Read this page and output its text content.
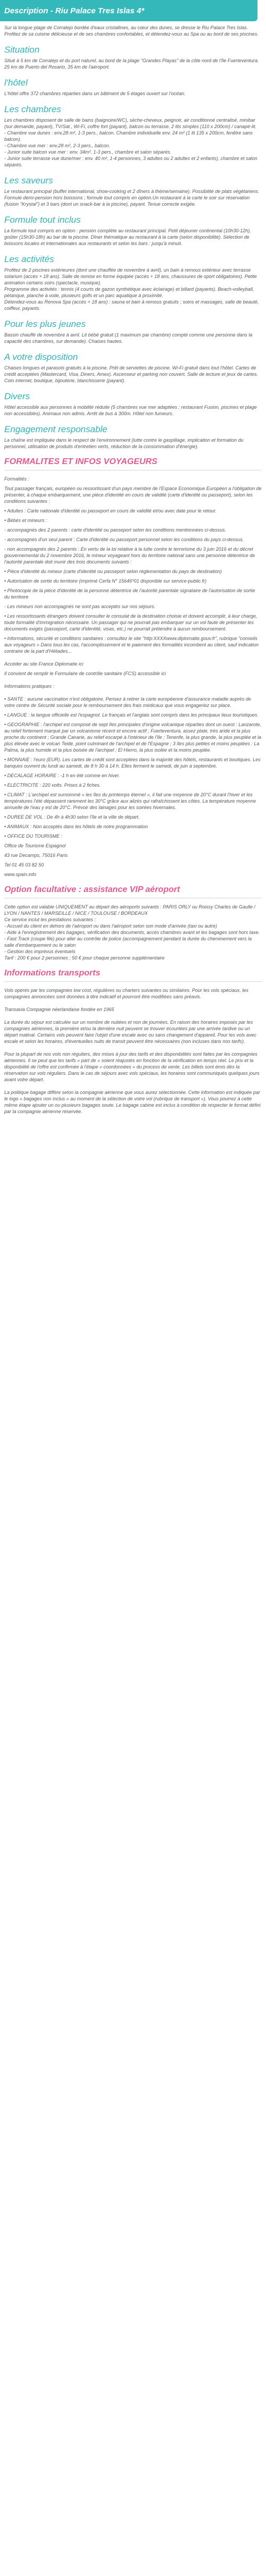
Description - Riu Palace Tres Islas 4*

Sur la longue plage de Corralejo bordée d'eaux cristallines, au cœur des dunes, se dresse le Riu Palace Tres Islas. Profitez de sa cuisine délicieuse et de ses chambres confortables, et détendez-vous au Spa ou au bord de ses piscines.

Situation

Situé à 5 km de Corralejo et du port naturel, au bord de la plage "Grandes Playas" de la côte nord de l'île Fuerteventura. 25 km de Puerto del Rosario, 35 km de l'aéroport.

l'hôtel

L'hôtel offre 372 chambres réparties dans un bâtiment de 5 étages ouvert sur l'océan.

Les chambres

Les chambres disposent de salle de bains (baignoire/WC), sèche-cheveux, peignoir, air conditionné centralisé, minibar (sur demande, payant), TV/Sat., Wi-Fi, coffre fort (payant), balcon ou terrasse. 2 lits simples (110 x 200cm) / canapé-lit.
- Chambre vue dunes : env.28 m², 1-3 pers., balcon. Chambre individuelle env. 24 m² (1 lit 135 x 200cm, fenêtre sans balcon).
- Chambre vue mer : env.28 m², 2-3 pers., balcon.
- Junior suite balcon vue mer : env. 34m², 1-3 pers., chambre et salon séparés.
- Junior suite terrasse vue dune/mer : env. 40 m², 1-4 personnes, 3 adultes ou 2 adultes et 2 enfants), chambre et salon séparés.

Les saveurs

Le restaurant principal (buffet international, show-cooking et 2 dîners à thème/semaine). Possibilité de plats végétariens. Formule demi-pension hors boissons ; formule tout compris en option.Un restaurant à la carte le soir sur réservation (fusion "Krystal") et 3 bars (dont un snack-bar à la piscine), payant. Tenue correcte exigée.

Formule tout inclus

La formule tout compris en option : pension complète au restaurant principal. Petit déjeuner continental (10h30-12h), goûter (15h30-18h) au bar de la piscine. Dîner thématique au restaurant à la carte (selon disponibilité). Sélection de boissons locales et internationales aux restaurants et selon les bars : jusqu'à minuit.

Les activités

Profitez de 2 piscines extérieures (dont une chauffée de novembre à avril), un bain à remous extérieur avec terrasse solarium (accès + 18 ans). Salle de remise en forme équipée (accès + 18 ans, chaussures de sport obligatoires). Petite animation certains soirs (spectacle, musique).
Programme des activités : tennis (4 courts de gazon synthétique avec éclairage) et billard (payants). Beach-volleyball, pétanque, planche à voile, plusieurs golfs et un parc aquatique à proximité.
Détendez-vous au Renova Spa (accès + 18 ans) : sauna et bain à remous gratuits ; soins et massages, salle de beauté, coiffeur, payants.

Pour les plus jeunes

Bassin chauffé de novembre à avril. Lit bébé gratuit (1 maximum par chambre) compté comme une personne dans la capacité des chambres, sur demande). Chaises hautes.

A votre disposition

Chaises longues et parasols gratuits à la piscine. Prêt de serviettes de piscine. Wi-Fi gratuit dans tout l'hôtel. Cartes de crédit acceptées (Mastercard, Visa, Diners, Amex). Ascenseur et parking non couvert. Salle de lecture et jeux de cartes. Coin internet, boutique, bijouterie, blanchisserie (payant).

Divers

Hôtel accessible aux personnes à mobilité réduite (5 chambres vue mer adaptées ; restaurant Fusion, piscines et plage non accessibles). Animaux non admis. Arrêt de bus à 300m. Hôtel non fumeurs.

Engagement responsable

La chaîne est impliquée dans le respect de l'environnement (lutte contre le gaspillage, implication et formation du personnel, utilisation de produits d'entretien verts, réduction de la consommation d'énergie).

FORMALITES ET INFOS VOYAGEURS

Formalités :

Tout passager français, européen ou ressortissant d'un pays membre de l'Espace Economique Européen a l'obligation de présenter, à chaque embarquement, une pièce d'identité en cours de validité (carte d'identité ou passeport), selon les conditions suivantes :

• Adultes : Carte nationale d'identité ou passeport en cours de validité et/ou avec date pour le retour.

• Bébés et mineurs :

- accompagnés des 2 parents : carte d'identité ou passeport selon les conditions mentionnées ci-dessus.

- accompagnés d'un seul parent : Carte d'identité ou passeport personnel selon les conditions du pays ci-dessus.

- non accompagnés des 2 parents : En vertu de la loi relative à la lutte contre le terrorisme du 3 juin 2016 et du décret gouvernemental du 2 novembre 2016, le mineur voyageant hors du territoire national sans une personne détentrice de l'autorité parentale doit munir des trois documents suivants :

• Pièce d'identité du mineur (carte d'identité ou passeport selon réglementation du pays de destination)

• Autorisation de sortie du territoire (imprimé Cerfa N° 15646*01 disponible sur service-public.fr)

• Photocopie de la pièce d'identité de la personne détentrice de l'autorité parentale signataire de l'autorisation de sortie du territoire

- Les mineurs non accompagnés ne sont pas acceptés sur nos séjours.

• Les ressortissants étrangers doivent consulter le consulat de la destination choisie et doivent accomplir, à leur charge, toute formalité d'immigration nécessaire. Un passager qui ne pourrait pas embarquer sur un vol faute de présenter les documents exigés (passeport, carte d'identité, visas, etc.) ne pourrait prétendre à aucun remboursement.

• Informations, sécurité et conditions sanitaires : consultez le site "http:XXXXwww.diplomatie.gouv.fr", rubrique "conseils aux voyageurs » Dans tous les cas, l'accomplissement et le paiement des formalités incombent au client, sauf indication contraire de la part d'Héliades...

Accéder au site France Diplomatie ici

Il convient de remplir le Formulaire de contrôle sanitaire (FCS) accessible ici

Informations pratiques :

• SANTE : aucune vaccination n'est obligatoire. Pensez à retirer la carte européenne d'assurance maladie auprès de votre centre de Sécurité sociale pour le remboursement des frais médicaux que vous engageriez sur place.

• LANGUE : la langue officielle est l'espagnol. Le français et l'anglais sont compris dans les principaux lieux touristiques.

• GEOGRAPHIE : l'archipel est composé de sept îles principales d'origine volcanique réparties dont un ouest : Lanzarote, au relief fortement marqué par un volcanisme récent et encore actif ; Fuerteventura, assez plate, très aride et la plus proche du continent ; Grande Canarie, au relief escarpé à l'intérieur de l'île ; Tenerife, la plus grande, la plus peuplée et la plus élevée avec le volcan Teide, point culminant de l'archipel et de l'Espagne ; 3 îles plus petites et moins peuplées : La Palma, la plus humide et la plus boisée de l'archipel ; El Hierro, la plus isolée et la moins peuplée.

• MONNAIE : l'euro (EUR). Les cartes de crédit sont acceptées dans la majorité des hôtels, restaurants et boutiques. Les banques ouvrent du lundi au samedi, de 8 h 30 à 14 h. Elles ferment le samedi, de juin à septembre.

• DECALAGE HORAIRE : -1 h en été comme en hiver.

• ELECTRICITE : 220 volts. Prises à 2 fiches.

• CLIMAT : L'archipel est surnommé « les îles du printemps éternel », il fait une moyenne de 20°C durant l'hiver et les températures l'été dépassent rarement les 30°C grâce aux alizés qui rafraîchissent les côtes. La température moyenne annuelle de l'eau y est de 20°C. Prévoir des lainages pour les soirées hivernales.

• DUREE DE VOL : De 4h à 4h30 selon l'île et la ville de départ.

• ANIMAUX : Non acceptés dans les hôtels de notre programmation

• OFFICE DU TOURISME :

Office de Tourisme Espagnol

43 rue Decamps, 75016 Paris

Tel 01 45 03 82 50

www.spain.info

Option facultative : assistance VIP aéroport

Cette option est valable UNIQUEMENT au départ des aéroports suivants : PARIS ORLY ou Roissy Charles de Gaulle / LYON / NANTES / MARSEILLE / NICE / TOULOUSE / BORDEAUX
Ce service inclut les prestations suivantes :
- Accueil du client en dehors de l'aéroport ou dans l'aéroport selon son mode d'arrivée (taxi ou autre)
- Aide à l'enregistrement des bagages, vérification des documents, accès chambres avant et les bagages sont hors taxe.
- Fast Track (coupe file) pour aller au contrôle de police (accompagnement pendant la durée du cheminement vers la salle d'embarquement ou le salon
- Gestion des imprévus éventuels
Tarif : 200 € pour 2 personnes ; 50 € pour chaque personne supplémentaire

Informations transports

Vols opérés par les compagnies low cost, régulières ou charters suivantes ou similaires. Pour les vols spéciaux, les compagnies annoncées sont données à titre indicatif et pourront être modifiées sans préavis.

Transavia Compagnie néerlandaise fondée en 1965

La durée du séjour est calculée sur un nombre de nuitées et non de journées. En raison des horaires imposés par les compagnies aériennes, la première et/ou la dernière nuit peuvent se trouver écourtées par une arrivée tardive ou un départ matinal. Certains vols peuvent faire l'objet d'une escale avec ou sans changement d'appareil. Pour les vols avec escale et selon les horaires, d'éventuelles nuits de transit peuvent être nécessaires (non incluses dans nos tarifs).

Pour la plupart de nos vols non réguliers, des mises à jour des tarifs et des disponibilités sont faites par les compagnies aériennes. Il se peut que les tarifs « part de » soient réajustés en fonction de la vérification en temps réel. Le prix et la disponibilité de l'offre est confirmée à l'étape « coordonnées » du process de vente. Les billets sont émis dès la réservation sur vols réguliers. Dans le cas de séjours avec vols spéciaux, les horaires sont communiqués quelques jours avant votre départ.

La politique bagage diffère selon la compagnie aérienne que vous aurez sélectionnée. Cette information est indiquée par le logo « bagages non inclus » au moment de la sélection de votre vol (rubrique de transport »). Vous pourrez à cette même étape ajouter un ou plusieurs bagages soute. Le bagage cabine est inclus à condition de respecter le format défini par la compagnie aérienne réservée.
